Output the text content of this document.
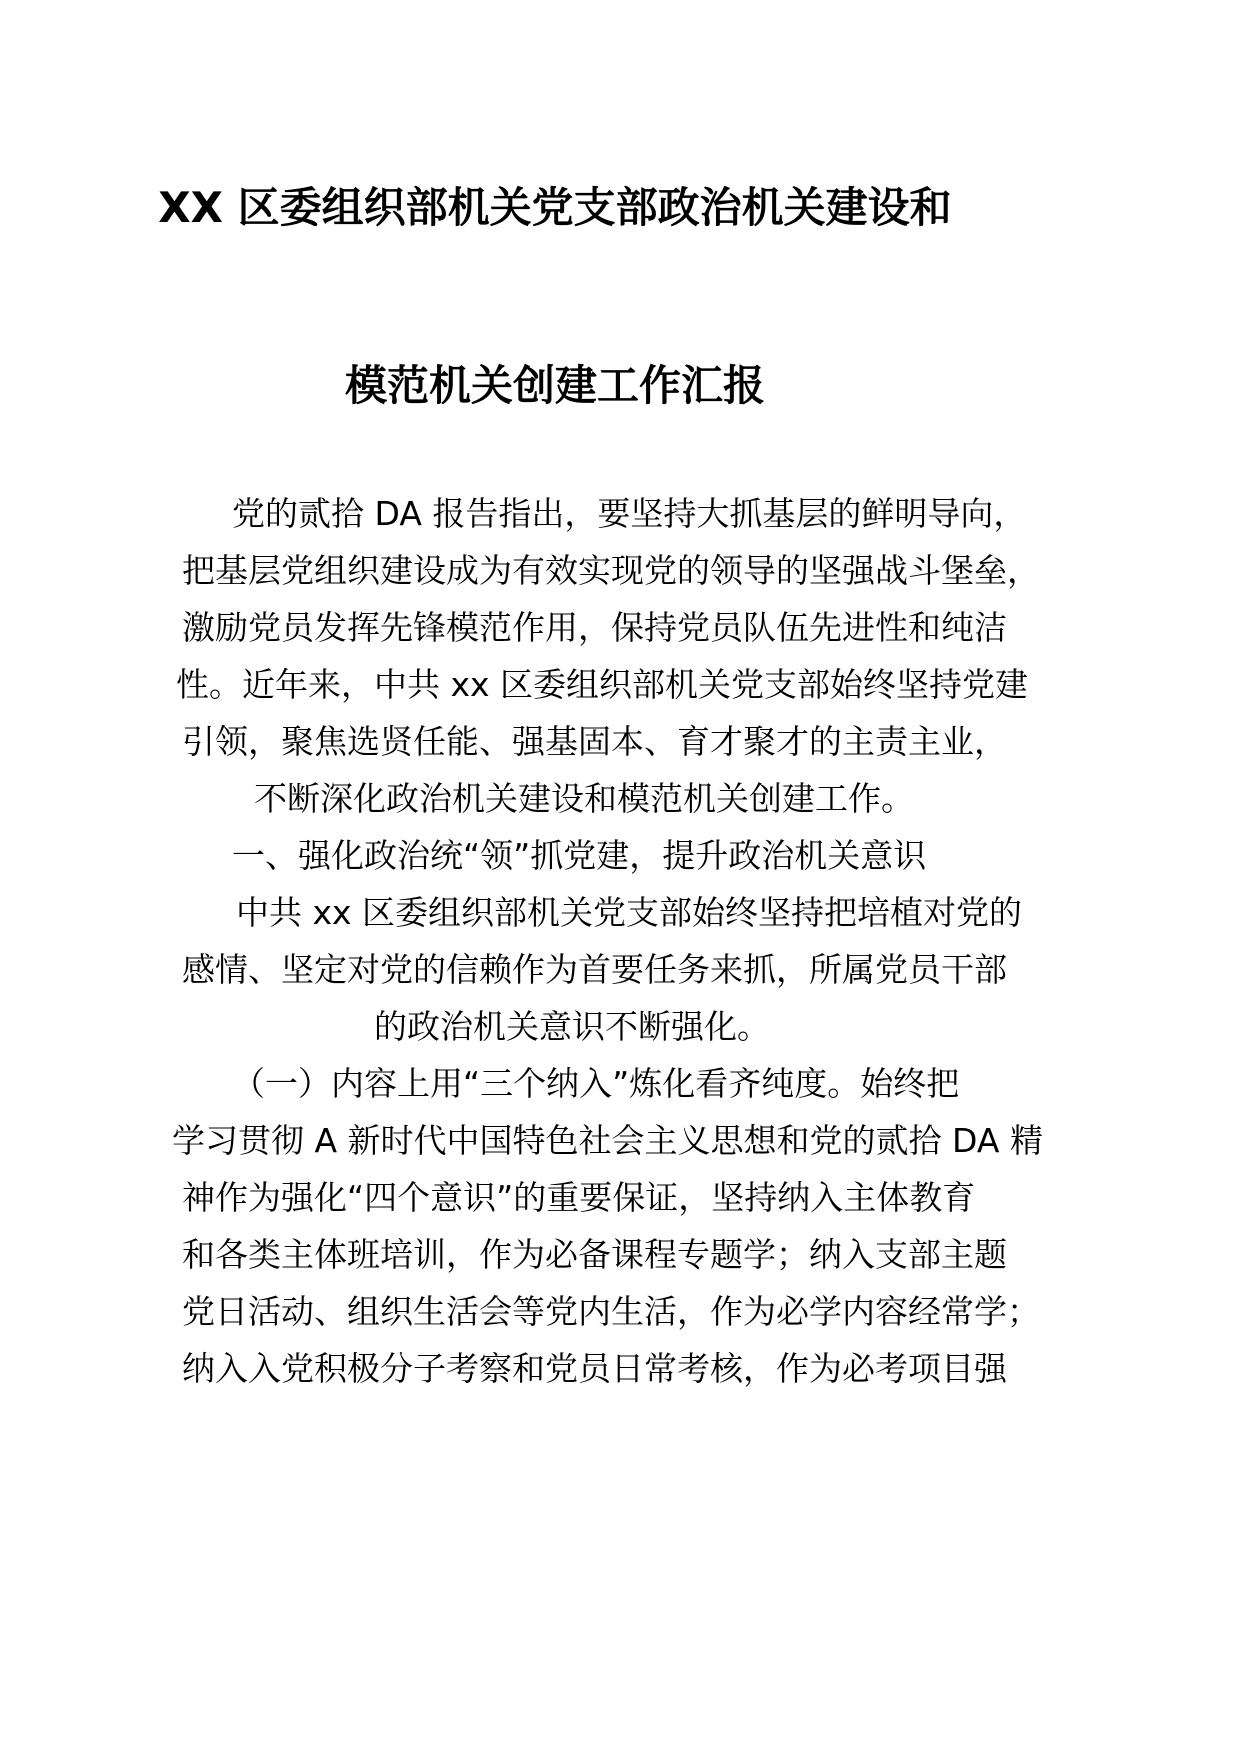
XX 区委组织部机关党支部政治机关建设和
模范机关创建工作汇报
党的贰拾 DA 报告指出，要坚持大抓基层的鲜明导向，
把基层党组织建设成为有效实现党的领导的坚强战斗堡垒，
激励党员发挥先锋模范作用，保持党员队伍先进性和纯洁
性。近年来，中共 xx 区委组织部机关党支部始终坚持党建
引领，聚焦选贤任能、强基固本、育才聚才的主责主业，
不断深化政治机关建设和模范机关创建工作。
一、强化政治统“领”抓党建，提升政治机关意识
中共 xx 区委组织部机关党支部始终坚持把培植对党的
感情、坚定对党的信赖作为首要任务来抓，所属党员干部
的政治机关意识不断强化。
（一）内容上用“三个纳入”炼化看齐纯度。始终把
学习贯彻 A 新时代中国特色社会主义思想和党的贰拾 DA 精
神作为强化“四个意识”的重要保证，坚持纳入主体教育
和各类主体班培训，作为必备课程专题学；纳入支部主题
党日活动、组织生活会等党内生活，作为必学内容经常学；
纳入入党积极分子考察和党员日常考核，作为必考项目强
